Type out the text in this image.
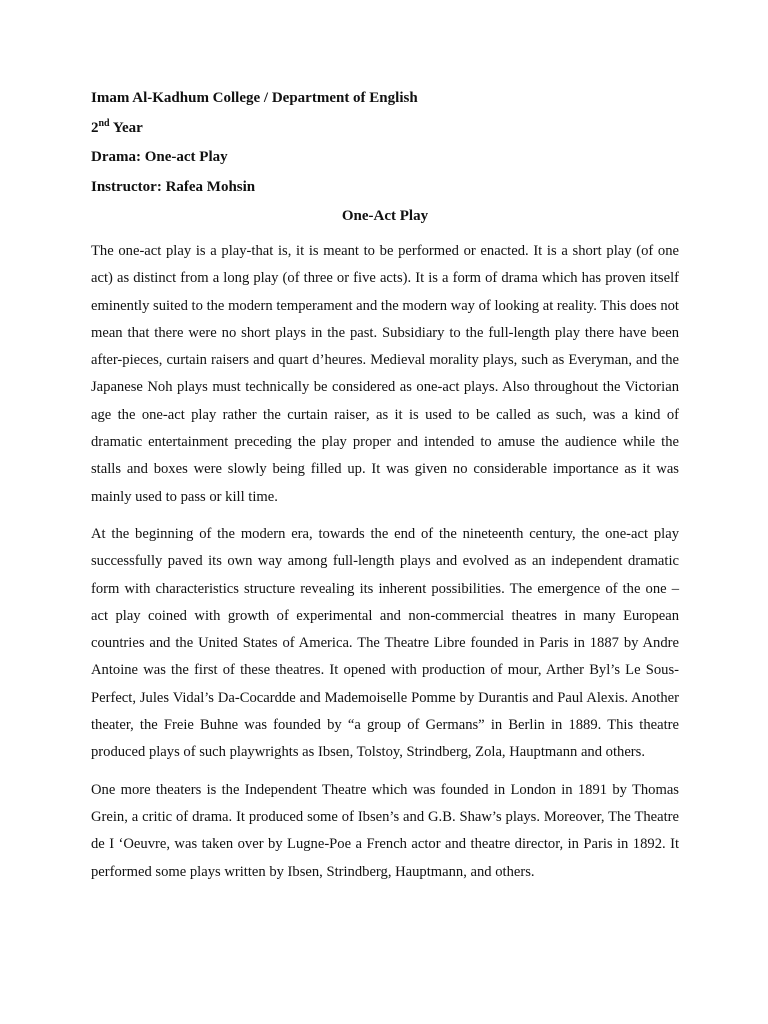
Imam Al-Kadhum College / Department of English
2nd Year
Drama: One-act Play
Instructor: Rafea Mohsin
One-Act Play

The one-act play is a play-that is, it is meant to be performed or enacted. It is a short play (of one act) as distinct from a long play (of three or five acts). It is a form of drama which has proven itself eminently suited to the modern temperament and the modern way of looking at reality. This does not mean that there were no short plays in the past. Subsidiary to the full-length play there have been after-pieces, curtain raisers and quart d’heures. Medieval morality plays, such as Everyman, and the Japanese Noh plays must technically be considered as one-act plays. Also throughout the Victorian age the one-act play rather the curtain raiser, as it is used to be called as such, was a kind of dramatic entertainment preceding the play proper and intended to amuse the audience while the stalls and boxes were slowly being filled up. It was given no considerable importance as it was mainly used to pass or kill time.

At the beginning of the modern era, towards the end of the nineteenth century, the one-act play successfully paved its own way among full-length plays and evolved as an independent dramatic form with characteristics structure revealing its inherent possibilities. The emergence of the one – act play coined with growth of experimental and non-commercial theatres in many European countries and the United States of America. The Theatre Libre founded in Paris in 1887 by Andre Antoine was the first of these theatres. It opened with production of mour, Arther Byl’s Le Sous-Perfect, Jules Vidal’s Da-Cocardde and Mademoiselle Pomme by Durantis and Paul Alexis. Another theater, the Freie Buhne was founded by “a group of Germans” in Berlin in 1889. This theatre produced plays of such playwrights as Ibsen, Tolstoy, Strindberg, Zola, Hauptmann and others.

One more theaters is the Independent Theatre which was founded in London in 1891 by Thomas Grein, a critic of drama. It produced some of Ibsen’s and G.B. Shaw’s plays. Moreover, The Theatre de I ‘Oeuvre, was taken over by Lugne-Poe a French actor and theatre director, in Paris in 1892. It performed some plays written by Ibsen, Strindberg, Hauptmann, and others.
